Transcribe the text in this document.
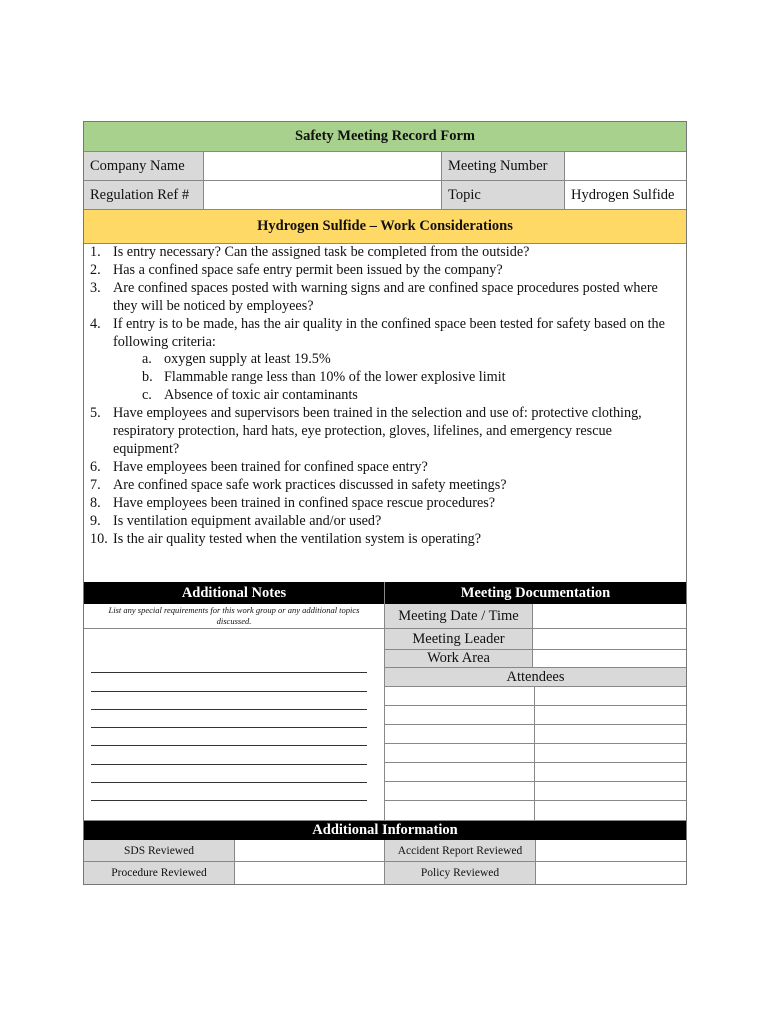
Safety Meeting Record Form
Company Name	Meeting Number
Regulation Ref #	Topic	Hydrogen Sulfide
Hydrogen Sulfide – Work Considerations
1. Is entry necessary? Can the assigned task be completed from the outside?
2. Has a confined space safe entry permit been issued by the company?
3. Are confined spaces posted with warning signs and are confined space procedures posted where they will be noticed by employees?
4. If entry is to be made, has the air quality in the confined space been tested for safety based on the following criteria:
a. oxygen supply at least 19.5%
b. Flammable range less than 10% of the lower explosive limit
c. Absence of toxic air contaminants
5. Have employees and supervisors been trained in the selection and use of: protective clothing, respiratory protection, hard hats, eye protection, gloves, lifelines, and emergency rescue equipment?
6. Have employees been trained for confined space entry?
7. Are confined space safe work practices discussed in safety meetings?
8. Have employees been trained in confined space rescue procedures?
9. Is ventilation equipment available and/or used?
10. Is the air quality tested when the ventilation system is operating?
Additional Notes
List any special requirements for this work group or any additional topics discussed.
Meeting Documentation
Meeting Date / Time
Meeting Leader
Work Area
Attendees
Additional Information
SDS Reviewed	Accident Report Reviewed
Procedure Reviewed	Policy Reviewed
